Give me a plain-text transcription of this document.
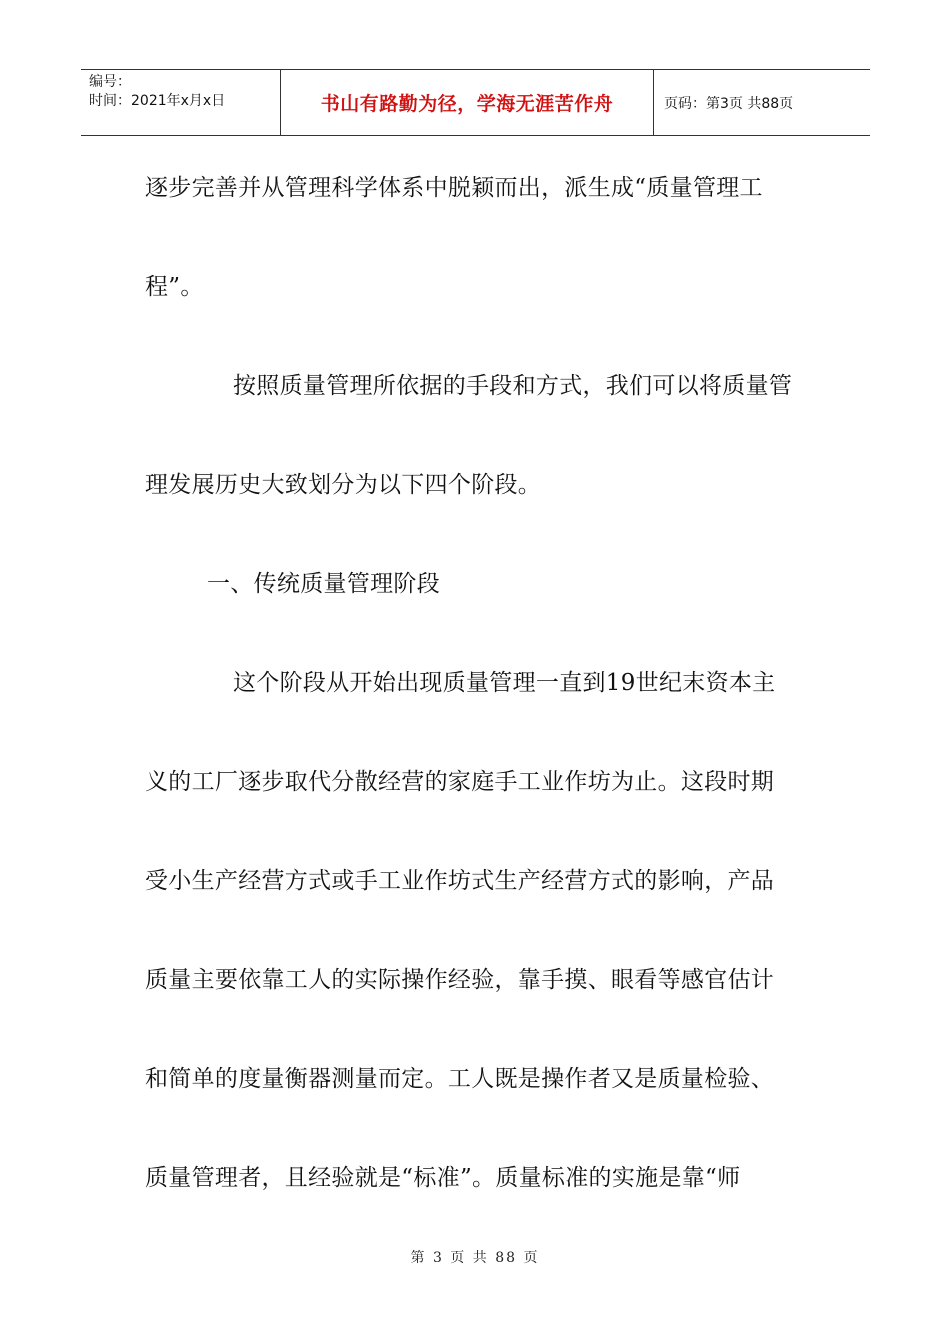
编号：
时间：2021年x月x日	书山有路勤为径，学海无涯苦作舟	页码：第3页 共88页
逐步完善并从管理科学体系中脱颖而出，派生成“质量管理工
程”。
按照质量管理所依据的手段和方式，我们可以将质量管
理发展历史大致划分为以下四个阶段。
一、传统质量管理阶段
这个阶段从开始出现质量管理一直到19世纪末资本主
义的工厂逐步取代分散经营的家庭手工业作坊为止。这段时期
受小生产经营方式或手工业作坊式生产经营方式的影响，产品
质量主要依靠工人的实际操作经验，靠手摸、眼看等感官估计
和简单的度量衡器测量而定。工人既是操作者又是质量检验、
质量管理者，且经验就是“标准”。质量标准的实施是靠“师
第 3 页 共 88 页
